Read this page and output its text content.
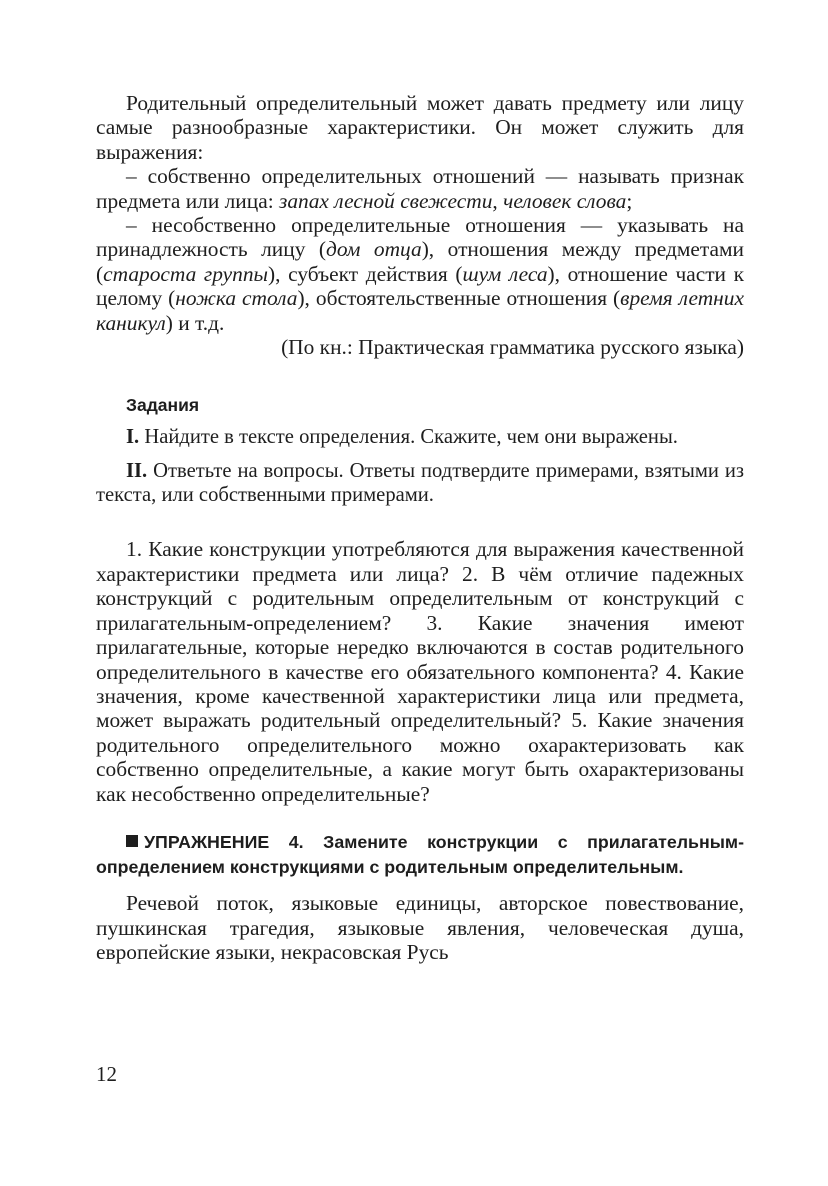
Родительный определительный может давать предмету или лицу самые разнообразные характеристики. Он может служить для выражения:

– собственно определительных отношений — называть признак предмета или лица: запах лесной свежести, человек слова;

– несобственно определительные отношения — указывать на принадлежность лицу (дом отца), отношения между предметами (староста группы), субъект действия (шум леса), отношение части к целому (ножка стола), обстоятельственные отношения (время летних каникул) и т.д.

(По кн.: Практическая грамматика русского языка)

Задания

I. Найдите в тексте определения. Скажите, чем они выражены.

II. Ответьте на вопросы. Ответы подтвердите примерами, взятыми из текста, или собственными примерами.

1. Какие конструкции употребляются для выражения качественной характеристики предмета или лица? 2. В чём отличие падежных конструкций с родительным определительным от конструкций с прилагательным-определением? 3. Какие значения имеют прилагательные, которые нередко включаются в состав родительного определительного в качестве его обязательного компонента? 4. Какие значения, кроме качественной характеристики лица или предмета, может выражать родительный определительный? 5. Какие значения родительного определительного можно охарактеризовать как собственно определительные, а какие могут быть охарактеризованы как несобственно определительные?

УПРАЖНЕНИЕ 4. Замените конструкции с прилагательным-определением конструкциями с родительным определительным.

Речевой поток, языковые единицы, авторское повествование, пушкинская трагедия, языковые явления, человеческая душа, европейские языки, некрасовская Русь

12
